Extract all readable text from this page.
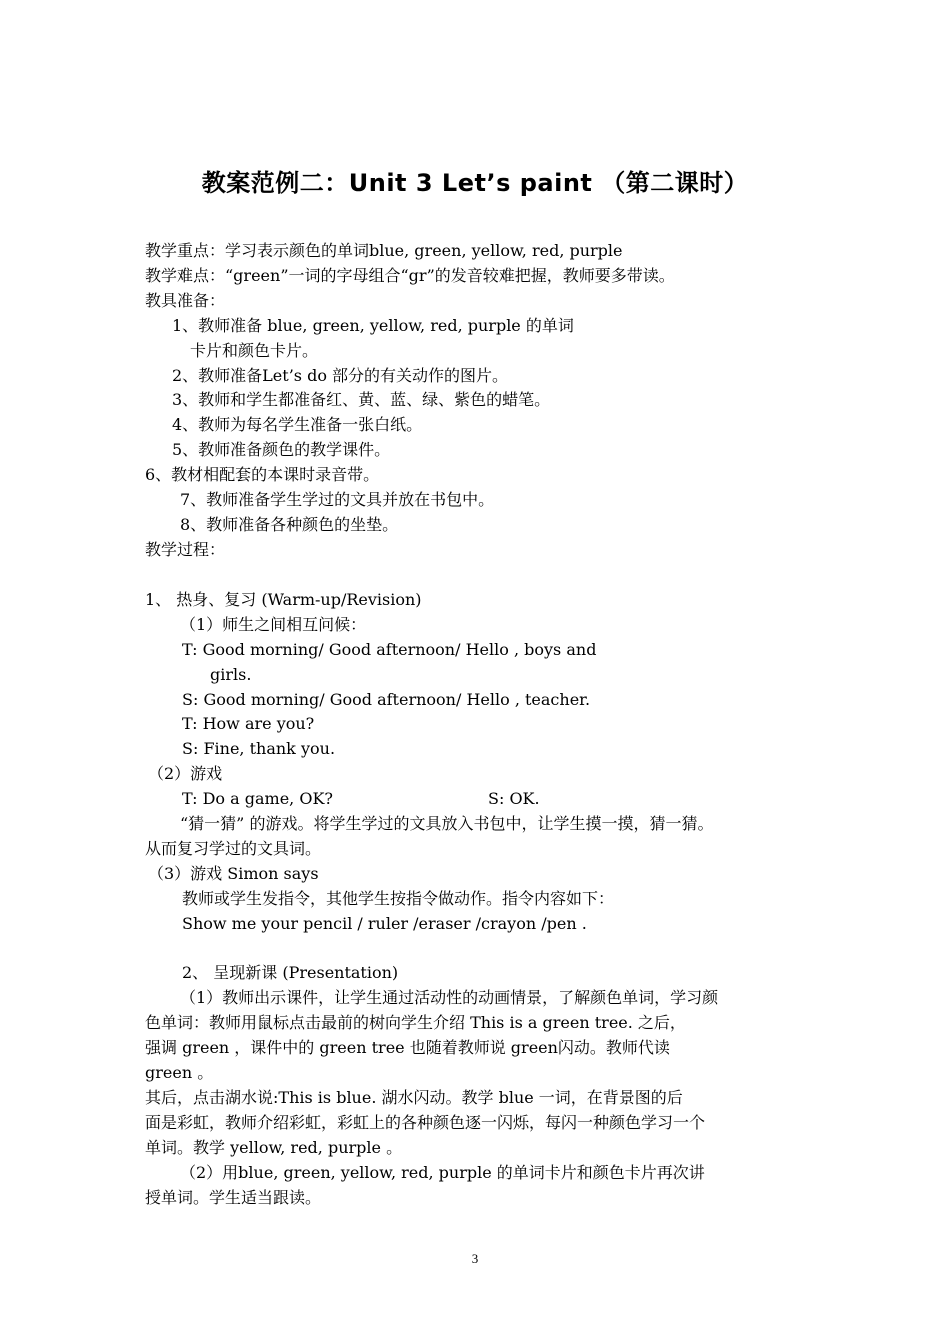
教案范例二：Unit 3 Let’s paint （第二课时）
教学重点：学习表示颜色的单词blue, green, yellow, red, purple
教学难点：“green”一词的字母组合“gr”的发音较难把握，教师要多带读。
教具准备：
1、教师准备 blue, green, yellow, red, purple 的单词
卡片和颜色卡片。
2、教师准备Let’s do 部分的有关动作的图片。
3、教师和学生都准备红、黄、蓝、绿、紫色的蜡笔。
4、教师为每名学生准备一张白纸。
5、教师准备颜色的教学课件。
6、教材相配套的本课时录音带。
7、教师准备学生学过的文具并放在书包中。
8、教师准备各种颜色的坐垫。
教学过程：
1、 热身、复习 (Warm-up/Revision)
（1）师生之间相互问候：
T: Good morning/ Good afternoon/ Hello , boys and
girls.
S: Good morning/ Good afternoon/ Hello , teacher.
T: How are you?
S: Fine, thank you.
（2）游戏
T: Do a game, OK?	S: OK.
“猜一猜” 的游戏。将学生学过的文具放入书包中，让学生摸一摸，猜一猜。
从而复习学过的文具词。
（3）游戏 Simon says
教师或学生发指令，其他学生按指令做动作。指令内容如下：
Show me your pencil / ruler /eraser /crayon /pen .
2、 呈现新课 (Presentation)
（1）教师出示课件，让学生通过活动性的动画情景，了解颜色单词，学习颜
色单词：教师用鼠标点击最前的树向学生介绍 This is a green tree. 之后，
强调 green ，课件中的 green tree 也随着教师说 green闪动。教师代读
green 。
其后，点击湖水说:This is blue. 湖水闪动。教学 blue 一词，在背景图的后
面是彩虹，教师介绍彩虹，彩虹上的各种颜色逐一闪烁，每闪一种颜色学习一个
单词。教学 yellow, red, purple 。
（2）用blue, green, yellow, red, purple 的单词卡片和颜色卡片再次讲
授单词。学生适当跟读。
3
